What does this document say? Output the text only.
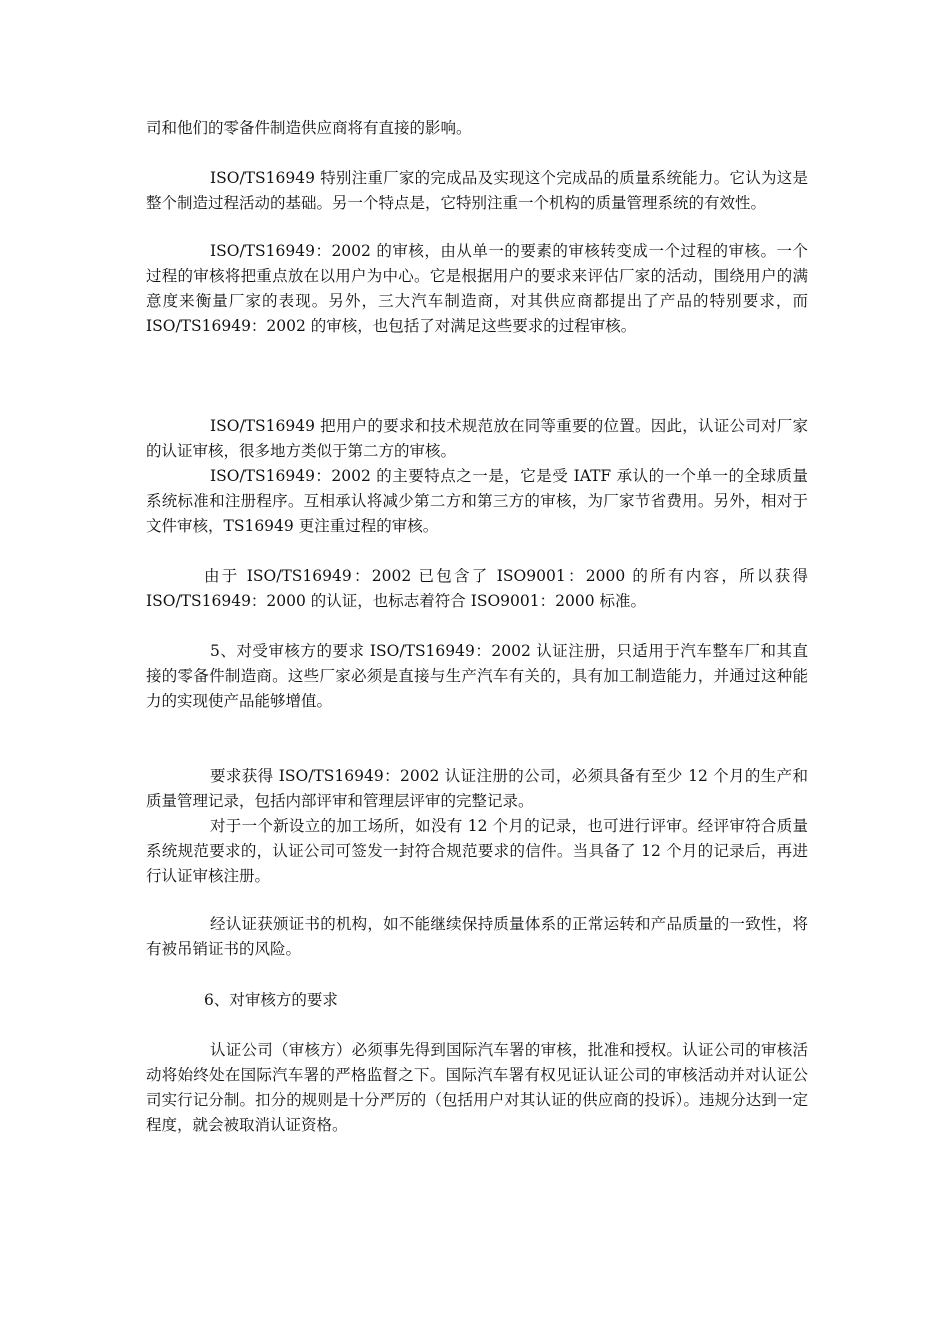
司和他们的零备件制造供应商将有直接的影响。

ISO/TS16949 特别注重厂家的完成品及实现这个完成品的质量系统能力。它认为这是整个制造过程活动的基础。另一个特点是，它特别注重一个机构的质量管理系统的有效性。

ISO/TS16949：2002 的审核，由从单一的要素的审核转变成一个过程的审核。一个过程的审核将把重点放在以用户为中心。它是根据用户的要求来评估厂家的活动，围绕用户的满意度来衡量厂家的表现。另外，三大汽车制造商，对其供应商都提出了产品的特别要求，而 ISO/TS16949：2002 的审核，也包括了对满足这些要求的过程审核。

ISO/TS16949 把用户的要求和技术规范放在同等重要的位置。因此，认证公司对厂家的认证审核，很多地方类似于第二方的审核。

ISO/TS16949：2002 的主要特点之一是，它是受 IATF 承认的一个单一的全球质量系统标准和注册程序。互相承认将减少第二方和第三方的审核，为厂家节省费用。另外，相对于文件审核，TS16949 更注重过程的审核。

由于 ISO/TS16949：2002 已包含了 ISO9001：2000 的所有内容，所以获得 ISO/TS16949：2000 的认证，也标志着符合 ISO9001：2000 标准。

5、对受审核方的要求 ISO/TS16949：2002 认证注册，只适用于汽车整车厂和其直接的零备件制造商。这些厂家必须是直接与生产汽车有关的，具有加工制造能力，并通过这种能力的实现使产品能够增值。

要求获得 ISO/TS16949：2002 认证注册的公司，必须具备有至少 12 个月的生产和质量管理记录，包括内部评审和管理层评审的完整记录。

对于一个新设立的加工场所，如没有 12 个月的记录，也可进行评审。经评审符合质量系统规范要求的，认证公司可签发一封符合规范要求的信件。当具备了 12 个月的记录后，再进行认证审核注册。

经认证获颁证书的机构，如不能继续保持质量体系的正常运转和产品质量的一致性，将有被吊销证书的风险。

6、对审核方的要求

认证公司（审核方）必须事先得到国际汽车署的审核，批准和授权。认证公司的审核活动将始终处在国际汽车署的严格监督之下。国际汽车署有权见证认证公司的审核活动并对认证公司实行记分制。扣分的规则是十分严厉的（包括用户对其认证的供应商的投诉）。违规分达到一定程度，就会被取消认证资格。
